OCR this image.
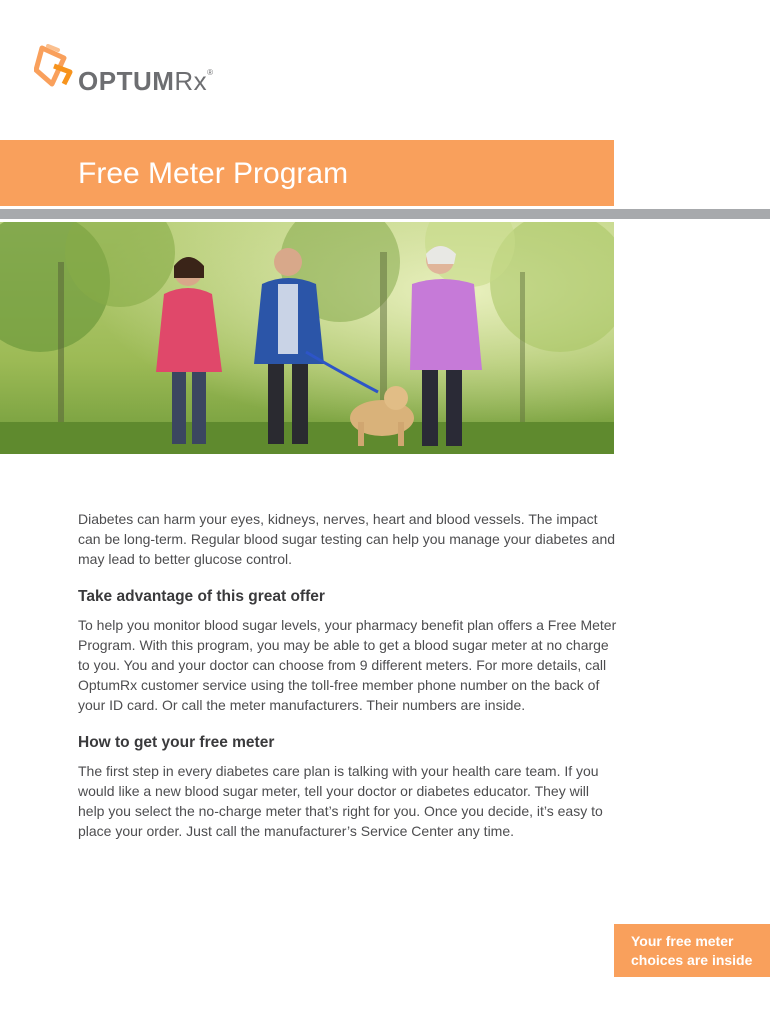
OPTUMRx®
Free Meter Program

Diabetes can harm your eyes, kidneys, nerves, heart and blood vessels. The impact can be long-term. Regular blood sugar testing can help you manage your diabetes and may lead to better glucose control.

Take advantage of this great offer

To help you monitor blood sugar levels, your pharmacy benefit plan offers a Free Meter Program. With this program, you may be able to get a blood sugar meter at no charge to you. You and your doctor can choose from 9 different meters. For more details, call OptumRx customer service using the toll-free member phone number on the back of your ID card. Or call the meter manufacturers. Their numbers are inside.

How to get your free meter

The first step in every diabetes care plan is talking with your health care team. If you would like a new blood sugar meter, tell your doctor or diabetes educator. They will help you select the no-charge meter that’s right for you. Once you decide, it’s easy to place your order. Just call the manufacturer’s Service Center any time.

Your free meter choices are inside
